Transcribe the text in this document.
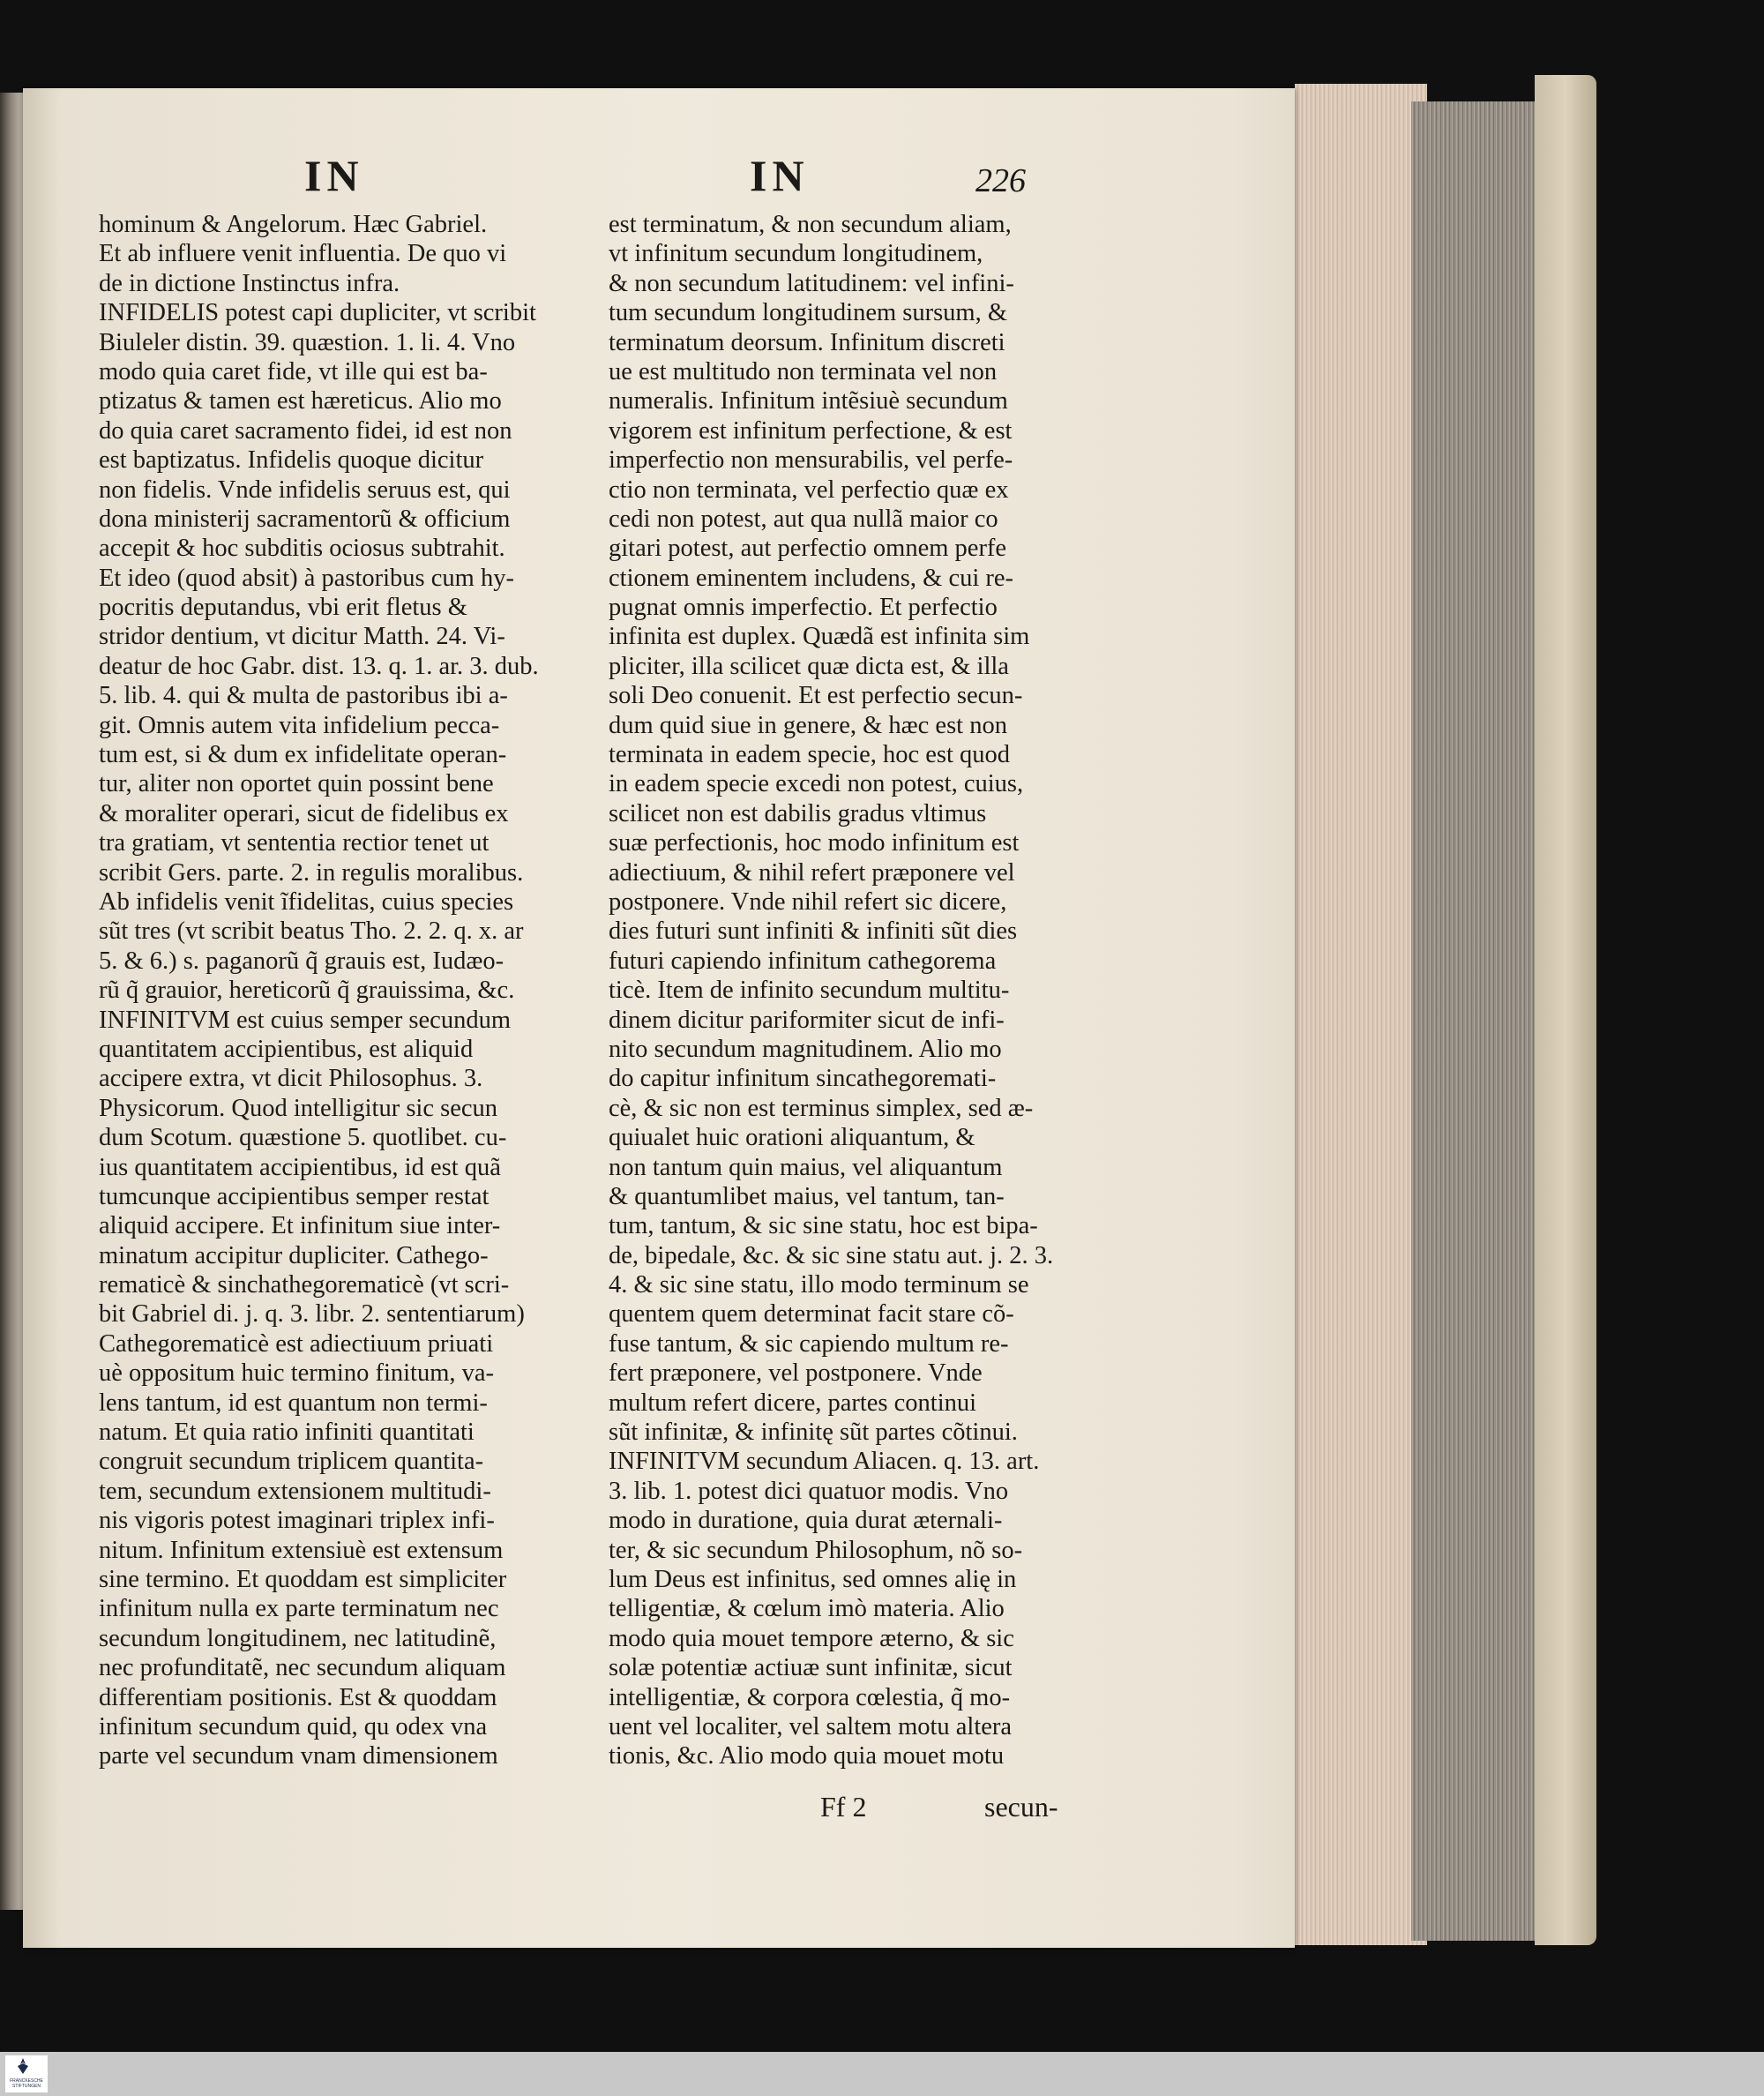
IN	IN	226
hominum & Angelorum. Hæc Gabriel.
Et ab influere venit influentia. De quo vi
de in dictione Instinctus infra.
INFIDELIS potest capi dupliciter, vt scribit
Biuleler distin. 39. quæstion. 1. li. 4. Vno
modo quia caret fide, vt ille qui est ba-
ptizatus & tamen est hæreticus. Alio mo
do quia caret sacramento fidei, id est non
est baptizatus. Infidelis quoque dicitur
non fidelis. Vnde infidelis seruus est, qui
dona ministerij sacramentorũ & officium
accepit & hoc subditis ociosus subtrahit.
Et ideo (quod absit) à pastoribus cum hy-
pocritis deputandus, vbi erit fletus &
stridor dentium, vt dicitur Matth. 24. Vi-
deatur de hoc Gabr. dist. 13. q. 1. ar. 3. dub.
5. lib. 4. qui & multa de pastoribus ibi a-
git. Omnis autem vita infidelium pecca-
tum est, si & dum ex infidelitate operan-
tur, aliter non oportet quin possint bene
& moraliter operari, sicut de fidelibus ex
tra gratiam, vt sententia rectior tenet ut
scribit Gers. parte. 2. in regulis moralibus.
Ab infidelis venit ĩfidelitas, cuius species
sũt tres (vt scribit beatus Tho. 2. 2. q. x. ar
5. & 6.) s. paganorũ q̃ grauis est, Iudæo-
rũ q̃ grauior, hereticorũ q̃ grauissima, &c.
INFINITVM est cuius semper secundum
quantitatem accipientibus, est aliquid
accipere extra, vt dicit Philosophus. 3.
Physicorum. Quod intelligitur sic secun
dum Scotum. quæstione 5. quotlibet. cu-
ius quantitatem accipientibus, id est quã
tumcunque accipientibus semper restat
aliquid accipere. Et infinitum siue inter-
minatum accipitur dupliciter. Cathego-
rematicè & sinchathegorematicè (vt scri-
bit Gabriel di. j. q. 3. libr. 2. sententiarum)
Cathegorematicè est adiectiuum priuati
uè oppositum huic termino finitum, va-
lens tantum, id est quantum non termi-
natum. Et quia ratio infiniti quantitati
congruit secundum triplicem quantita-
tem, secundum extensionem multitudi-
nis vigoris potest imaginari triplex infi-
nitum. Infinitum extensiuè est extensum
sine termino. Et quoddam est simpliciter
infinitum nulla ex parte terminatum nec
secundum longitudinem, nec latitudinẽ,
nec profunditatẽ, nec secundum aliquam
differentiam positionis. Est & quoddam
infinitum secundum quid, qu odex vna
parte vel secundum vnam dimensionem
est terminatum, & non secundum aliam,
vt infinitum secundum longitudinem,
& non secundum latitudinem: vel infini-
tum secundum longitudinem sursum, &
terminatum deorsum. Infinitum discreti
ue est multitudo non terminata vel non
numeralis. Infinitum intẽsiuè secundum
vigorem est infinitum perfectione, & est
imperfectio non mensurabilis, vel perfe-
ctio non terminata, vel perfectio quæ ex
cedi non potest, aut qua nullã maior co
gitari potest, aut perfectio omnem perfe
ctionem eminentem includens, & cui re-
pugnat omnis imperfectio. Et perfectio
infinita est duplex. Quædã est infinita sim
pliciter, illa scilicet quæ dicta est, & illa
soli Deo conuenit. Et est perfectio secun-
dum quid siue in genere, & hæc est non
terminata in eadem specie, hoc est quod
in eadem specie excedi non potest, cuius,
scilicet non est dabilis gradus vltimus
suæ perfectionis, hoc modo infinitum est
adiectiuum, & nihil refert præponere vel
postponere. Vnde nihil refert sic dicere,
dies futuri sunt infiniti & infiniti sũt dies
futuri capiendo infinitum cathegorema
ticè. Item de infinito secundum multitu-
dinem dicitur pariformiter sicut de infi-
nito secundum magnitudinem. Alio mo
do capitur infinitum sincathegoremati-
cè, & sic non est terminus simplex, sed æ-
quiualet huic orationi aliquantum, &
non tantum quin maius, vel aliquantum
& quantumlibet maius, vel tantum, tan-
tum, tantum, & sic sine statu, hoc est bipa-
de, bipedale, &c. & sic sine statu aut. j. 2. 3.
4. & sic sine statu, illo modo terminum se
quentem quem determinat facit stare cõ-
fuse tantum, & sic capiendo multum re-
fert præponere, vel postponere. Vnde
multum refert dicere, partes continui
sũt infinitæ, & infinitę sũt partes cõtinui.
INFINITVM secundum Aliacen. q. 13. art.
3. lib. 1. potest dici quatuor modis. Vno
modo in duratione, quia durat æternali-
ter, & sic secundum Philosophum, nõ so-
lum Deus est infinitus, sed omnes alię in
telligentiæ, & cœlum imò materia. Alio
modo quia mouet tempore æterno, & sic
solæ potentiæ actiuæ sunt infinitæ, sicut
intelligentiæ, & corpora cœlestia, q̃ mo-
uent vel localiter, vel saltem motu altera
tionis, &c. Alio modo quia mouet motu
Ff 2	secun-
FRANCKESCHE STIFTUNGEN
